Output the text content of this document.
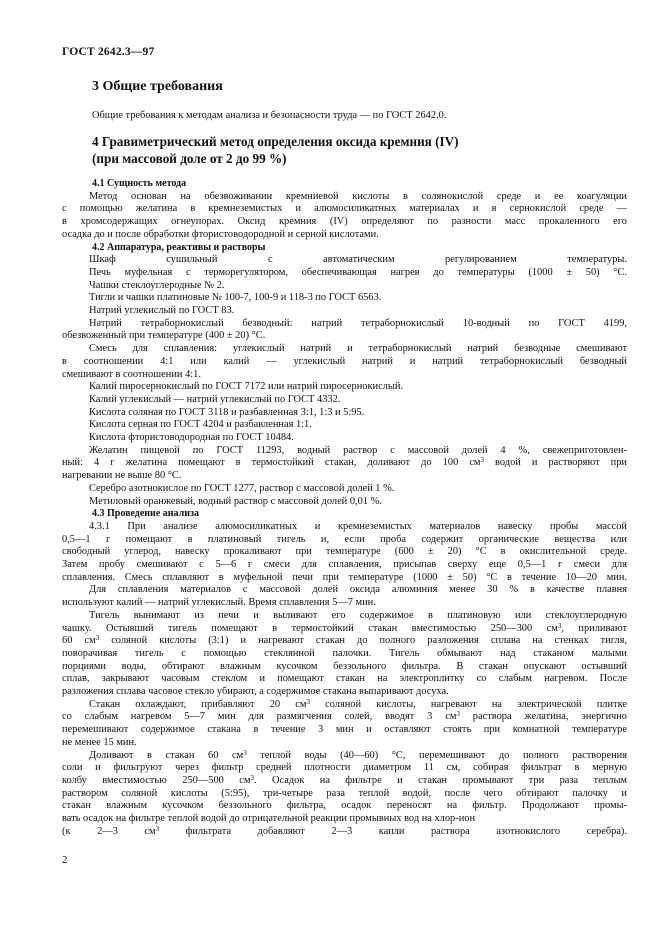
ГОСТ 2642.3—97
3 Общие требования
Общие требования к методам анализа и безопасности труда — по ГОСТ 2642.0.
4 Гравиметрический метод определения оксида кремния (IV)
(при массовой доле от 2 до 99 %)
4.1 Сущность метода
Метод основан на обезвоживании кремниевой кислоты в солянокислой среде и ее коагуляции
с помощью желатина в кремнеземистых и алюмосиликатных материалах и в сернокислой среде —
в хромсодержащих огнеупорах. Оксид кремния (IV) определяют по разности масс прокаленного его
осадка до и после обработки фтористоводородной и серной кислотами.
4.2 Аппаратура, реактивы и растворы
Шкаф сушильный с автоматическим регулированием температуры.
Печь муфельная с терморегулятором, обеспечивающая нагрев до температуры (1000 ± 50) °С.
Чашки стеклоуглеродные № 2.
Тигли и чашки платиновые № 100-7, 100-9 и 118-3 по ГОСТ 6563.
Натрий углекислый по ГОСТ 83.
Натрий тетраборнокислый безводный: натрий тетраборнокислый 10-водный по ГОСТ 4199,
обезвоженный при температуре (400 ± 20) °С.
Смесь для сплавления: углекислый натрий и тетраборнокислый натрий безводные смешивают
в соотношении 4:1 или калий — углекислый натрий и натрий тетраборнокислый безводный
смешивают в соотношении 4:1.
Калий пиросернокислый по ГОСТ 7172 или натрий пиросернокислый.
Калий углекислый — натрий углекислый по ГОСТ 4332.
Кислота соляная по ГОСТ 3118 и разбавленная 3:1, 1:3 и 5:95.
Кислота серная по ГОСТ 4204 и разбавленная 1:1.
Кислота фтористоводородная по ГОСТ 10484.
Желатин пищевой по ГОСТ 11293, водный раствор с массовой долей 4 %, свежеприготовлен-
ный: 4 г желатина помещают в термостойкий стакан, доливают до 100 $см^3$ водой и растворяют при
нагревании не выше 80 °С.
Серебро азотнокислое по ГОСТ 1277, раствор с массовой долей 1 %.
Метиловый оранжевый, водный раствор с массовой долей 0,01 %.
4.3 Проведение анализа
4.3.1 При анализе алюмосиликатных и кремнеземистых материалов навеску пробы массой
0,5—1 г помещают в платиновый тигель и, если проба содержит органические вещества или
свободный углерод, навеску прокаливают при температуре (600 ± 20) °С в окислительной среде.
Затем пробу смешивают с 5—6 г смеси для сплавления, присыпав сверху еще 0,5—1 г смеси для
сплавления. Смесь сплавляют в муфельной печи при температуре (1000 ± 50) °С в течение 10—20 мин.
Для сплавления материалов с массовой долей оксида алюминия менее 30 % в качестве плавня
используют калий — натрий углекислый. Время сплавления 5—7 мин.
Тигель вынимают из печи и выливают его содержимое в платиновую или стеклоуглеродную
чашку. Остывший тигель помещают в термостойкий стакан вместимостью 250—300 $см^3$, приливают
60 $см^3$ соляной кислоты (3:1) и нагревают стакан до полного разложения сплава на стенках тигля,
поворачивая тигель с помощью стеклянной палочки. Тигель обмывают над стаканом малыми
порциями воды, обтирают влажным кусочком беззольного фильтра. В стакан опускают остывший
сплав, закрывают часовым стеклом и помещают стакан на электроплитку со слабым нагревом. После
разложения сплава часовое стекло убирают, а содержимое стакана выпаривают досуха.
Стакан охлаждают, прибавляют 20 $см^3$ соляной кислоты, нагревают на электрической плитке
со слабым нагревом 5—7 мин для размягчения солей, вводят 3 $см^3$ раствора желатина, энергично
перемешивают содержимое стакана в течение 3 мин и оставляют стоять при комнатной температуре
не менее 15 мин.
Доливают в стакан 60 $см^3$ теплой воды (40—60) °С, перемешивают до полного растворения
соли и фильтруют через фильтр средней плотности диаметром 11 см, собирая фильтрат в мерную
колбу вместимостью 250—500 $см^3$. Осадок на фильтре и стакан промывают три раза теплым
раствором соляной кислоты (5:95), три-четыре раза теплой водой, после чего обтирают палочку и
стакан влажным кусочком беззольного фильтра, осадок переносят на фильтр. Продолжают промы-
вать осадок на фильтре теплой водой до отрицательной реакции промывных вод на хлор-ион
(к 2—3 $см^3$ фильтрата добавляют 2—3 капли раствора азотнокислого серебра).
2
